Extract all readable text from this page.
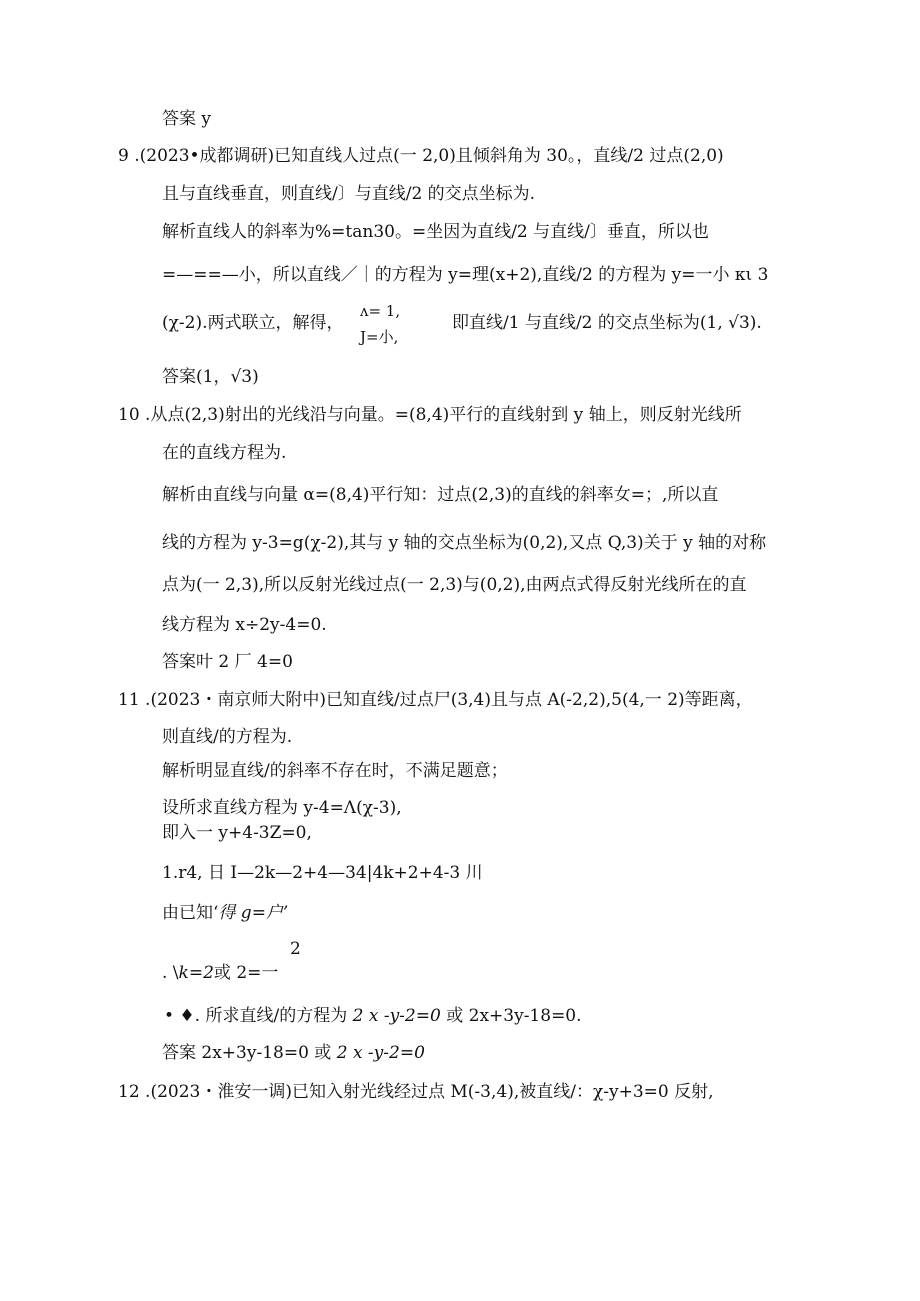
答案 y
9 .(2023•成都调研)已知直线人过点(一 2,0)且倾斜角为 30。，直线/2 过点(2,0)
且与直线垂直，则直线/〕与直线/2 的交点坐标为.
解析直线人的斜率为%=tan30。=坐因为直线/2 与直线/〕垂直，所以也
=—==—小，所以直线／｜的方程为 y=理(x+2),直线/2 的方程为 y=一小 κι 3
(χ-2).两式联立，解得，
ʌ= 1,
J=小,
即直线/1 与直线/2 的交点坐标为(1, √3).
答案(1，√3)
10 .从点(2,3)射出的光线沿与向量。=(8,4)平行的直线射到 y 轴上，则反射光线所
在的直线方程为.
解析由直线与向量 α=(8,4)平行知：过点(2,3)的直线的斜率女=；,所以直
线的方程为 y-3=g(χ-2),其与 y 轴的交点坐标为(0,2),又点 Q,3)关于 y 轴的对称
点为(一 2,3),所以反射光线过点(一 2,3)与(0,2),由两点式得反射光线所在的直
线方程为 x÷2y-4=0.
答案叶 2 厂 4=0
11 .(2023・南京师大附中)已知直线/过点尸(3,4)且与点 A(-2,2),5(4,一 2)等距离，
则直线/的方程为.
解析明显直线/的斜率不存在时，不满足题意；
设所求直线方程为 y-4=Λ(χ-3),
即入一 y+4-3Z=0,
1.r4, 日 I—2k—2+4—34|4k+2+4-3 川
由已知‘得 g=户’
2
. \k=2或 2=一
• ♦. 所求直线/的方程为 2 x -y-2=0 或 2x+3y-18=0.
答案 2x+3y-18=0 或 2 x -y-2=0
12 .(2023・淮安一调)已知入射光线经过点 M(-3,4),被直线/：χ-y+3=0 反射,
